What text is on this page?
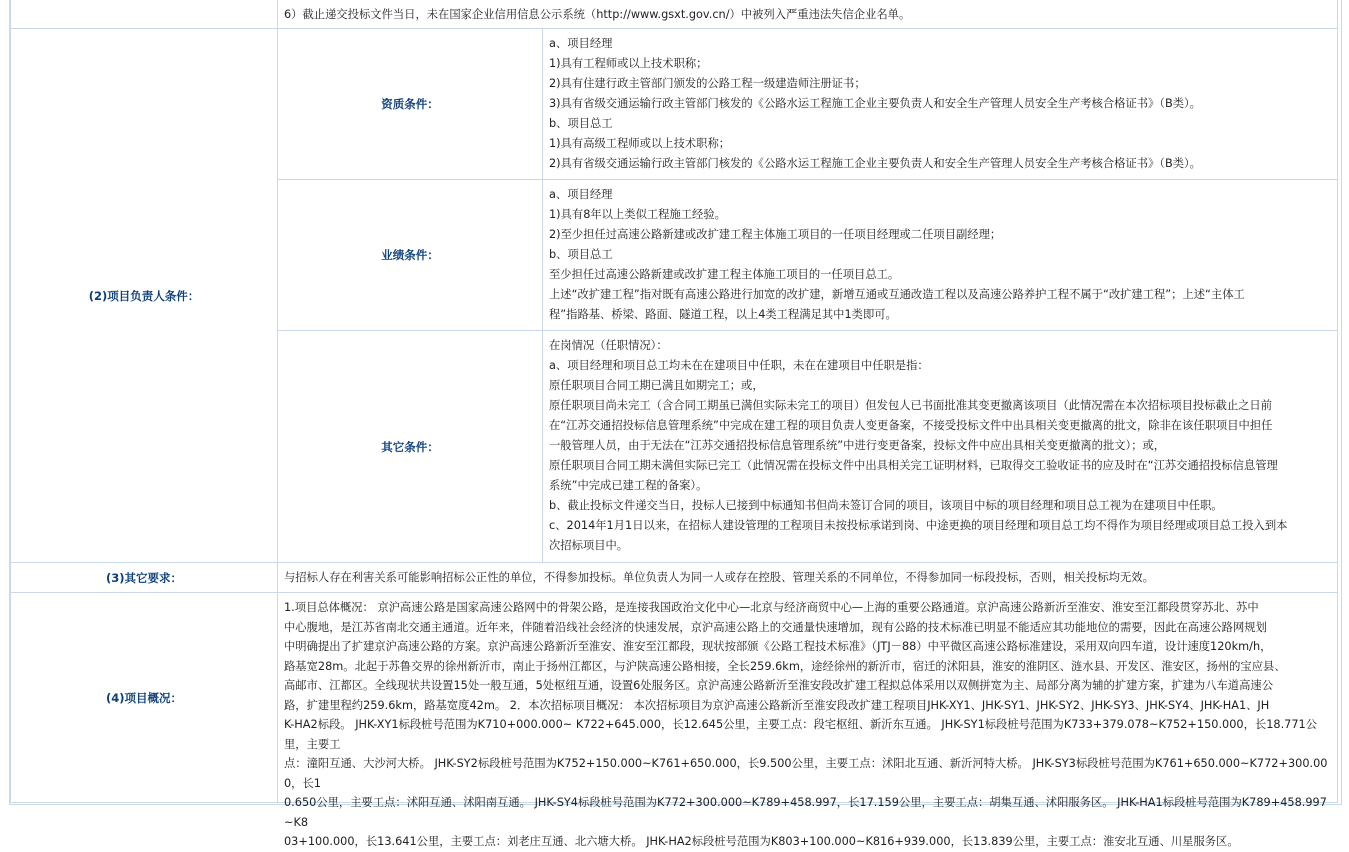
6）截止递交投标文件当日，未在国家企业信用信息公示系统（http://www.gsxt.gov.cn/）中被列入严重违法失信企业名单。
(2)项目负责人条件：
资质条件：
a、项目经理
1)具有工程师或以上技术职称；
2)具有住建行政主管部门颁发的公路工程一级建造师注册证书；
3)具有省级交通运输行政主管部门核发的《公路水运工程施工企业主要负责人和安全生产管理人员安全生产考核合格证书》（B类）。
b、项目总工
1)具有高级工程师或以上技术职称；
2)具有省级交通运输行政主管部门核发的《公路水运工程施工企业主要负责人和安全生产管理人员安全生产考核合格证书》（B类）。
业绩条件：
a、项目经理
1)具有8年以上类似工程施工经验。
2)至少担任过高速公路新建或改扩建工程主体施工项目的一任项目经理或二任项目副经理；
b、项目总工
至少担任过高速公路新建或改扩建工程主体施工项目的一任项目总工。
上述“改扩建工程”指对既有高速公路进行加宽的改扩建，新增互通或互通改造工程以及高速公路养护工程不属于“改扩建工程”；上述“主体工
程”指路基、桥梁、路面、隧道工程，以上4类工程满足其中1类即可。
其它条件：
在岗情况（任职情况）：
a、项目经理和项目总工均未在在建项目中任职，未在在建项目中任职是指：
原任职项目合同工期已满且如期完工；或，
原任职项目尚未完工（含合同工期虽已满但实际未完工的项目）但发包人已书面批准其变更撤离该项目（此情况需在本次招标项目投标截止之日前
在“江苏交通招投标信息管理系统”中完成在建工程的项目负责人变更备案，不接受投标文件中出具相关变更撤离的批文，除非在该任职项目中担任
一般管理人员，由于无法在“江苏交通招投标信息管理系统”中进行变更备案，投标文件中应出具相关变更撤离的批文）；或，
原任职项目合同工期未满但实际已完工（此情况需在投标文件中出具相关完工证明材料，已取得交工验收证书的应及时在“江苏交通招投标信息管理
系统”中完成已建工程的备案）。
b、截止投标文件递交当日，投标人已接到中标通知书但尚未签订合同的项目，该项目中标的项目经理和项目总工视为在建项目中任职。
c、2014年1月1日以来，在招标人建设管理的工程项目未按投标承诺到岗、中途更换的项目经理和项目总工均不得作为项目经理或项目总工投入到本
次招标项目中。
(3)其它要求：	与招标人存在利害关系可能影响招标公正性的单位，不得参加投标。单位负责人为同一人或存在控股、管理关系的不同单位，不得参加同一标段投标，否则，相关投标均无效。
(4)项目概况：
1.项目总体概况： 京沪高速公路是国家高速公路网中的骨架公路，是连接我国政治文化中心—北京与经济商贸中心—上海的重要公路通道。京沪高速公路新沂至淮安、淮安至江都段贯穿苏北、苏中
中心腹地，是江苏省南北交通主通道。近年来，伴随着沿线社会经济的快速发展，京沪高速公路上的交通量快速增加，现有公路的技术标准已明显不能适应其功能地位的需要，因此在高速公路网规划
中明确提出了扩建京沪高速公路的方案。京沪高速公路新沂至淮安、淮安至江都段，现状按部颁《公路工程技术标准》（JTJ－88）中平微区高速公路标准建设，采用双向四车道，设计速度120km/h，
路基宽28m。北起于苏鲁交界的徐州新沂市，南止于扬州江都区，与沪陕高速公路相接，全长259.6km，途经徐州的新沂市，宿迁的沭阳县，淮安的淮阴区、涟水县、开发区、淮安区，扬州的宝应县、
高邮市、江都区。全线现状共设置15处一般互通，5处枢纽互通，设置6处服务区。京沪高速公路新沂至淮安段改扩建工程拟总体采用以双侧拼宽为主、局部分离为辅的扩建方案，扩建为八车道高速公
路，扩建里程约259.6km，路基宽度42m。 2．本次招标项目概况： 本次招标项目为京沪高速公路新沂至淮安段改扩建工程项目JHK-XY1、JHK-SY1、JHK-SY2、JHK-SY3、JHK-SY4、JHK-HA1、JH
K-HA2标段。 JHK-XY1标段桩号范围为K710+000.000~ K722+645.000，长12.645公里，主要工点：段宅枢纽、新沂东互通。 JHK-SY1标段桩号范围为K733+379.078~K752+150.000，长18.771公里，主要工
点：潼阳互通、大沙河大桥。 JHK-SY2标段桩号范围为K752+150.000~K761+650.000，长9.500公里，主要工点：沭阳北互通、新沂河特大桥。 JHK-SY3标段桩号范围为K761+650.000~K772+300.000，长1
0.650公里，主要工点：沭阳互通、沭阳南互通。 JHK-SY4标段桩号范围为K772+300.000~K789+458.997，长17.159公里，主要工点：胡集互通、沭阳服务区。 JHK-HA1标段桩号范围为K789+458.997~K8
03+100.000，长13.641公里，主要工点：刘老庄互通、北六塘大桥。 JHK-HA2标段桩号范围为K803+100.000~K816+939.000，长13.839公里，主要工点：淮安北互通、川星服务区。
